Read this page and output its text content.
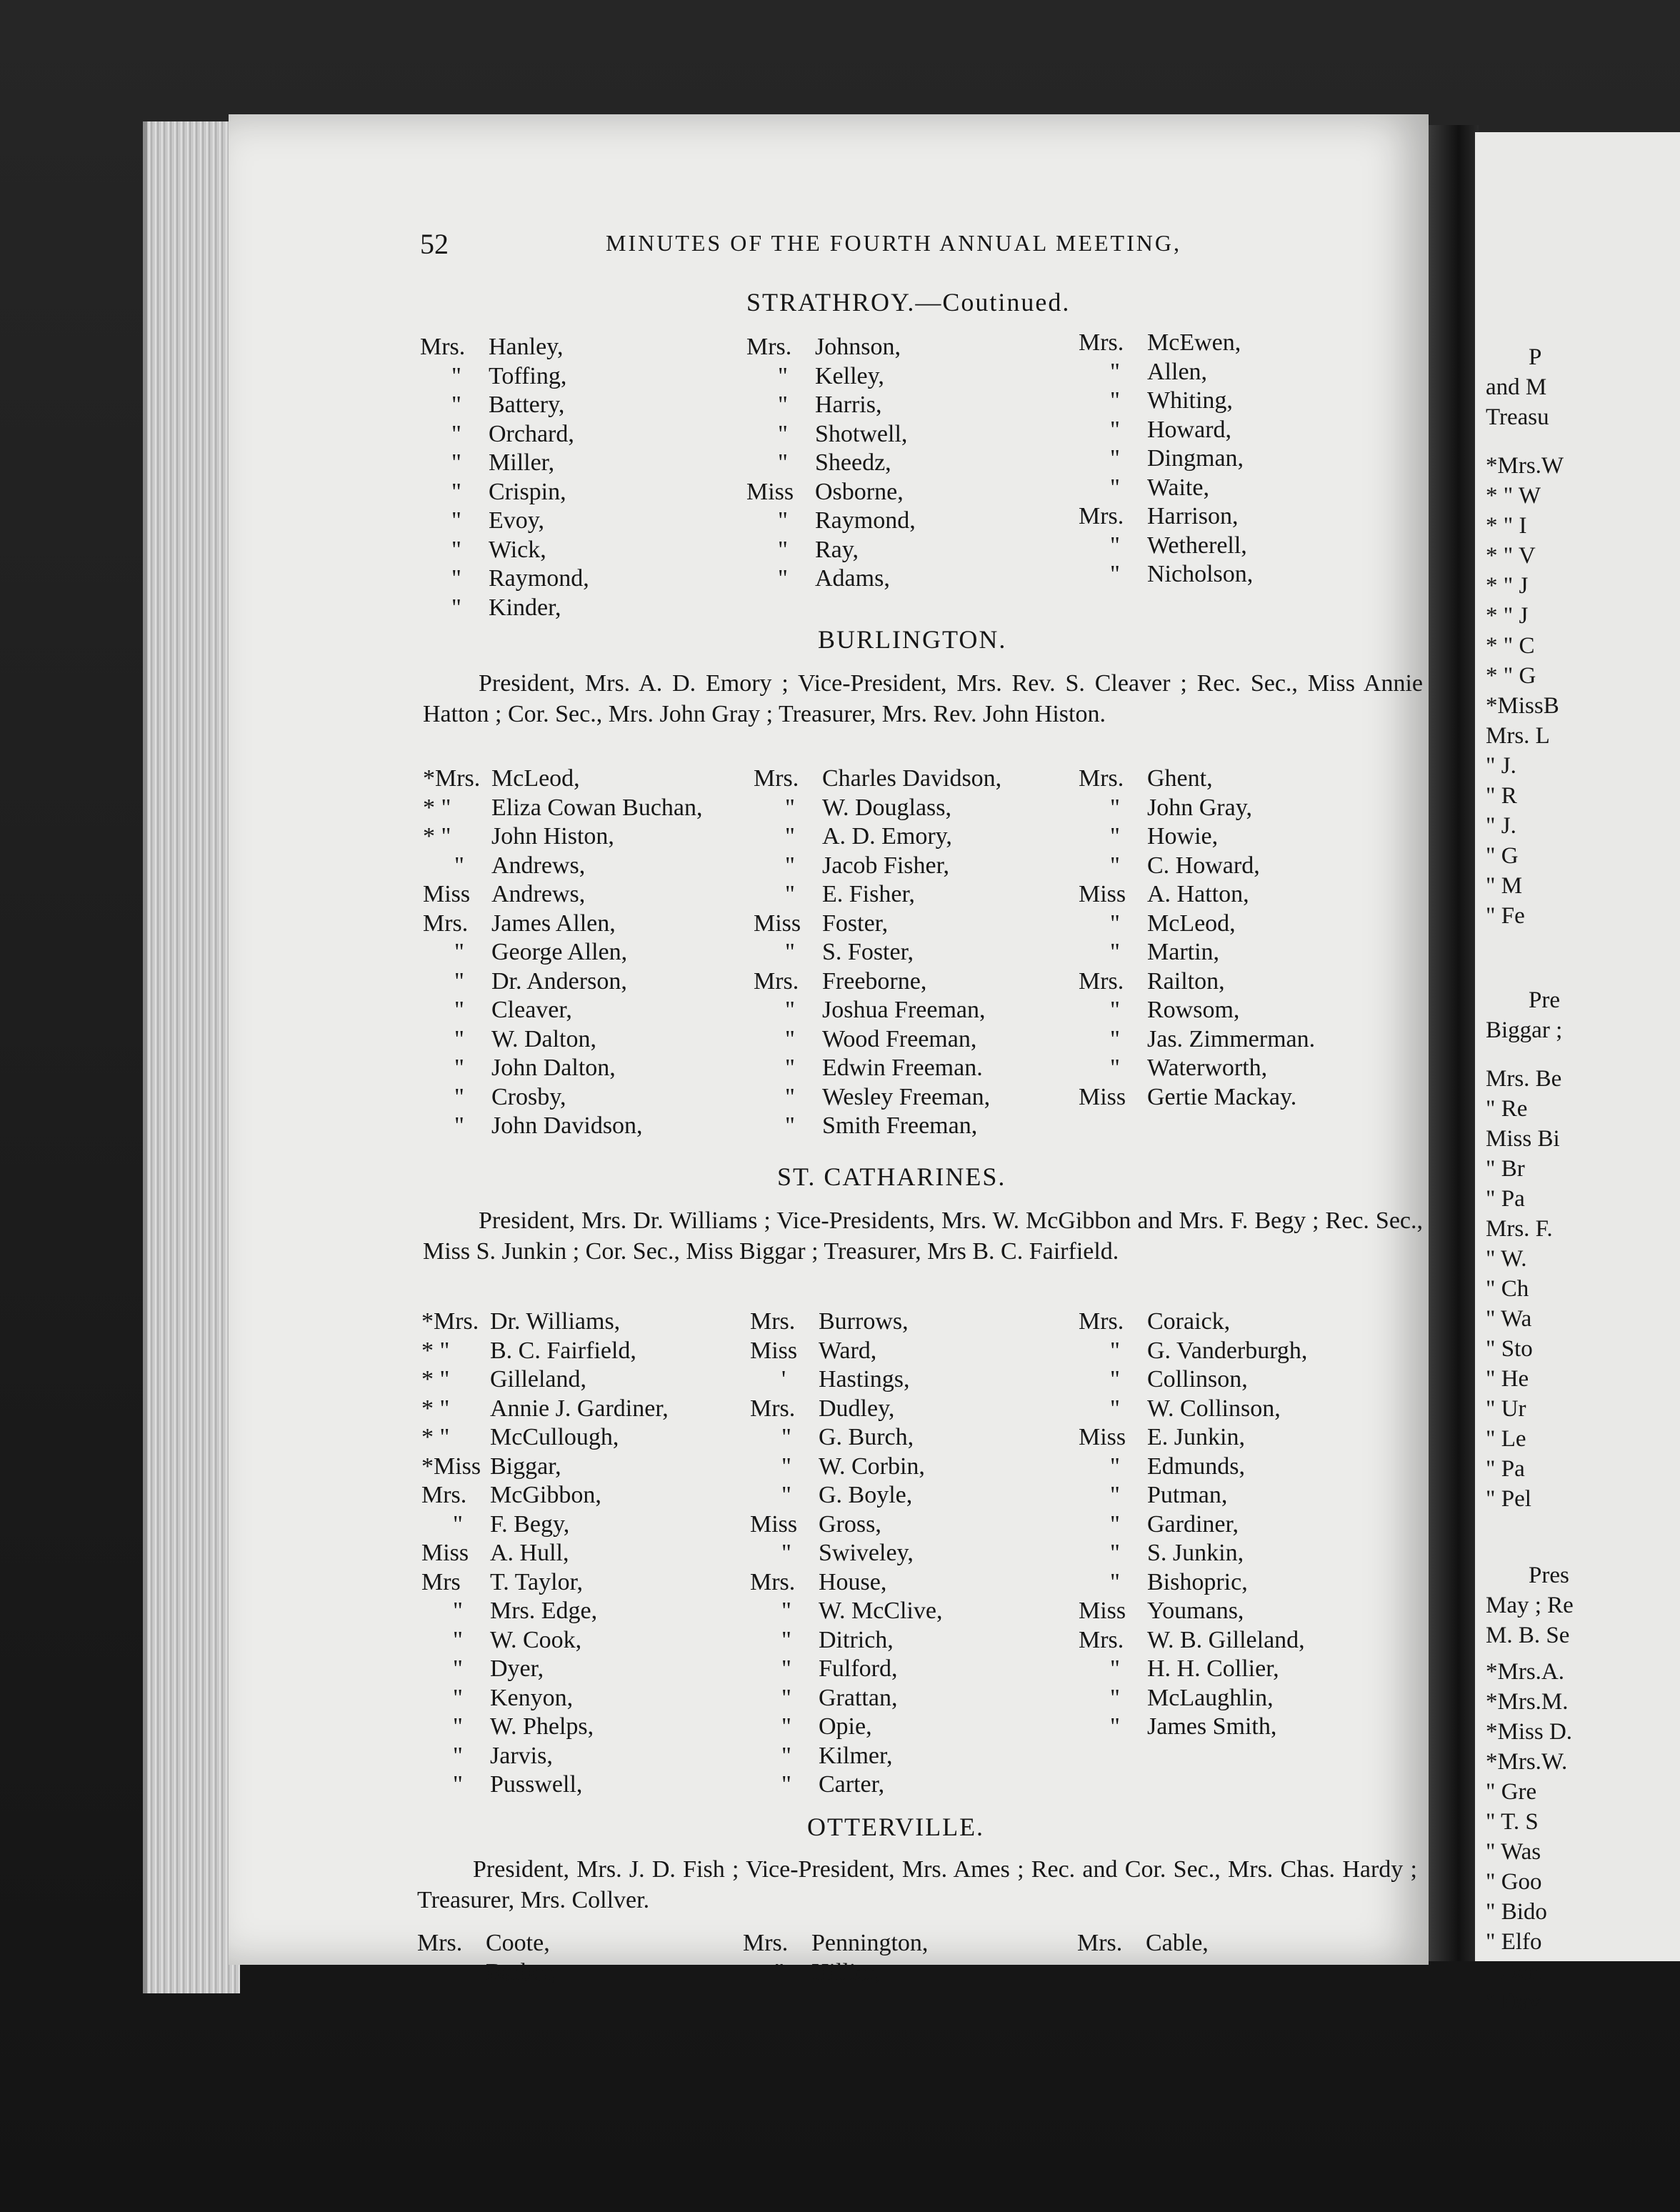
52	MINUTES OF THE FOURTH ANNUAL MEETING,
STRATHROY.—Coutinued.
Mrs. Hanley,
" Toffing,
" Battery,
" Orchard,
" Miller,
" Crispin,
" Evoy,
" Wick,
" Raymond,
" Kinder,
Mrs. Johnson,
" Kelley,
" Harris,
" Shotwell,
" Sheedz,
Miss Osborne,
" Raymond,
" Ray,
" Adams,
Mrs. McEwen,
" Allen,
" Whiting,
" Howard,
" Dingman,
" Waite,
Mrs. Harrison,
" Wetherell,
" Nicholson,
BURLINGTON.
President, Mrs. A. D. Emory ; Vice-President, Mrs. Rev. S. Cleaver ; Rec. Sec., Miss Annie Hatton ; Cor. Sec., Mrs. John Gray ; Treasurer, Mrs. Rev. John Histon.
*Mrs. McLeod,
* " Eliza Cowan Buchan,
* " John Histon,
" Andrews,
Miss Andrews,
Mrs. James Allen,
" George Allen,
" Dr. Anderson,
" Cleaver,
" W. Dalton,
" John Dalton,
" Crosby,
" John Davidson,
Mrs. Charles Davidson,
" W. Douglass,
" A. D. Emory,
" Jacob Fisher,
" E. Fisher,
Miss Foster,
" S. Foster,
Mrs. Freeborne,
" Joshua Freeman,
" Wood Freeman,
" Edwin Freeman.
" Wesley Freeman,
" Smith Freeman,
Mrs. Ghent,
" John Gray,
" Howie,
" C. Howard,
Miss A. Hatton,
" McLeod,
" Martin,
Mrs. Railton,
" Rowsom,
" Jas. Zimmerman.
" Waterworth,
Miss Gertie Mackay.
ST. CATHARINES.
President, Mrs. Dr. Williams ; Vice-Presidents, Mrs. W. McGibbon and Mrs. F. Begy ; Rec. Sec., Miss S. Junkin ; Cor. Sec., Miss Biggar ; Treasurer, Mrs B. C. Fairfield.
*Mrs. Dr. Williams,
* " B. C. Fairfield,
* " Gilleland,
* " Annie J. Gardiner,
* " McCullough,
*Miss Biggar,
Mrs. McGibbon,
" F. Begy,
Miss A. Hull,
Mrs T. Taylor,
" Mrs. Edge,
" W. Cook,
" Dyer,
" Kenyon,
" W. Phelps,
" Jarvis,
" Pusswell,
Mrs. Burrows,
Miss Ward,
' Hastings,
Mrs. Dudley,
" G. Burch,
" W. Corbin,
" G. Boyle,
Miss Gross,
" Swiveley,
Mrs. House,
" W. McClive,
" Ditrich,
" Fulford,
" Grattan,
" Opie,
" Kilmer,
" Carter,
Mrs. Coraick,
" G. Vanderburgh,
" Collinson,
" W. Collinson,
Miss E. Junkin,
" Edmunds,
" Putman,
" Gardiner,
" S. Junkin,
" Bishopric,
Miss Youmans,
Mrs. W. B. Gilleland,
" H. H. Collier,
" McLaughlin,
" James Smith,
OTTERVILLE.
President, Mrs. J. D. Fish ; Vice-President, Mrs. Ames ; Rec. and Cor. Sec., Mrs. Chas. Hardy ; Treasurer, Mrs. Collver.
Mrs. Coote,
Barber,
Mrs. Pennington,
" Hillier,
Mrs. Cable,
P
and M
Treasu
*Mrs.W
* " W
* " I
* " V
* " J
* " J
* " C
* " G
*MissB
Mrs. L
" J.
" R
" J.
" G
" M
" Fe
Pre
Biggar ;
Mrs. Be
" Re
Miss Bi
" Br
" Pa
Mrs. F.
" W.
" Ch
" Wa
" Sto
" He
" Ur
" Le
" Pa
" Pel
Pres
May ; Re
M. B. Se
*Mrs.A.
*Mrs.M.
*Miss D.
*Mrs.W.
" Gre
" T. S
" Was
" Goo
" Bido
" Elfo
" Den
" Dav
